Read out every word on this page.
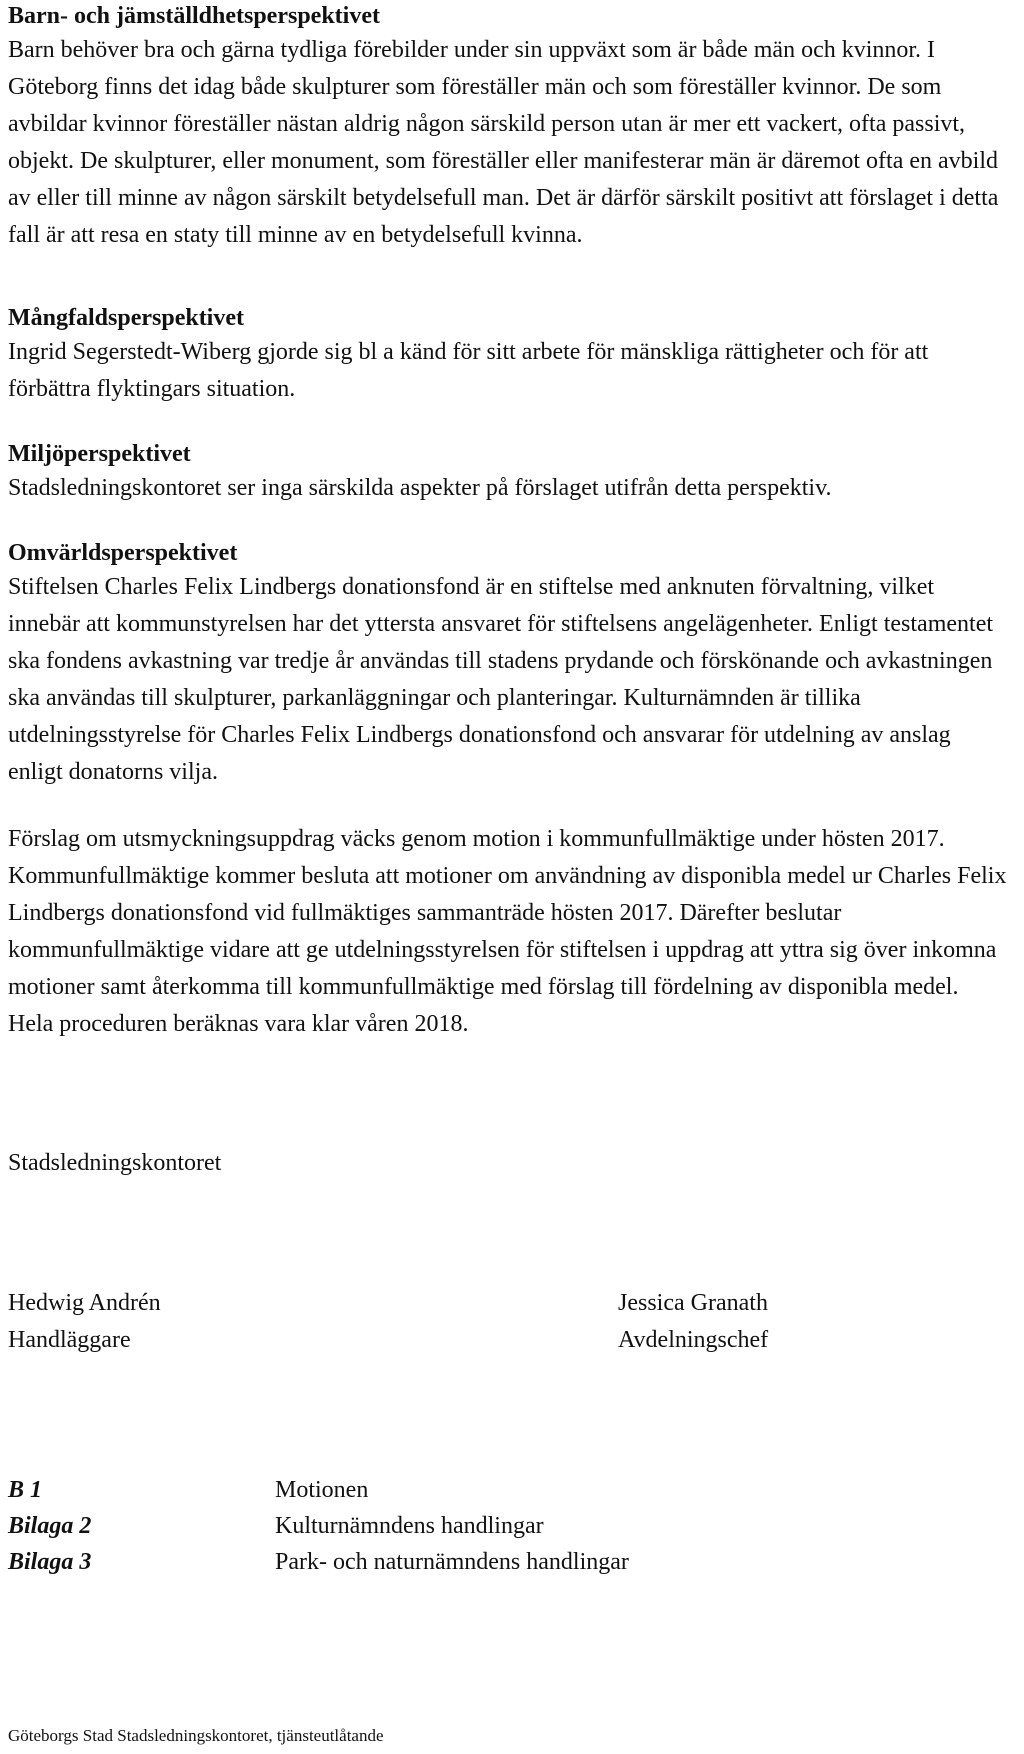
Barn- och jämställdhetsperspektivet

Barn behöver bra och gärna tydliga förebilder under sin uppväxt som är både män och kvinnor. I Göteborg finns det idag både skulpturer som föreställer män och som föreställer kvinnor. De som avbildar kvinnor föreställer nästan aldrig någon särskild person utan är mer ett vackert, ofta passivt, objekt. De skulpturer, eller monument, som föreställer eller manifesterar män är däremot ofta en avbild av eller till minne av någon särskilt betydelsefull man. Det är därför särskilt positivt att förslaget i detta fall är att resa en staty till minne av en betydelsefull kvinna.

Mångfaldsperspektivet

Ingrid Segerstedt-Wiberg gjorde sig bl a känd för sitt arbete för mänskliga rättigheter och för att förbättra flyktingars situation.

Miljöperspektivet

Stadsledningskontoret ser inga särskilda aspekter på förslaget utifrån detta perspektiv.

Omvärldsperspektivet

Stiftelsen Charles Felix Lindbergs donationsfond är en stiftelse med anknuten förvaltning, vilket innebär att kommunstyrelsen har det yttersta ansvaret för stiftelsens angelägenheter. Enligt testamentet ska fondens avkastning var tredje år användas till stadens prydande och förskönande och avkastningen ska användas till skulpturer, parkanläggningar och planteringar. Kulturnämnden är tillika utdelningsstyrelse för Charles Felix Lindbergs donationsfond och ansvarar för utdelning av anslag enligt donatorns vilja.

Förslag om utsmyckningsuppdrag väcks genom motion i kommunfullmäktige under hösten 2017. Kommunfullmäktige kommer besluta att motioner om användning av disponibla medel ur Charles Felix Lindbergs donationsfond vid fullmäktiges sammanträde hösten 2017. Därefter beslutar kommunfullmäktige vidare att ge utdelningsstyrelsen för stiftelsen i uppdrag att yttra sig över inkomna motioner samt återkomma till kommunfullmäktige med förslag till fördelning av disponibla medel. Hela proceduren beräknas vara klar våren 2018.

Stadsledningskontoret
Hedwig Andrén
Handläggare
Jessica Granath
Avdelningschef
B 1	Motionen
Bilaga 2	Kulturnämndens handlingar
Bilaga 3	Park- och naturnämndens handlingar
Göteborgs Stad Stadsledningskontoret, tjänsteutlåtande
